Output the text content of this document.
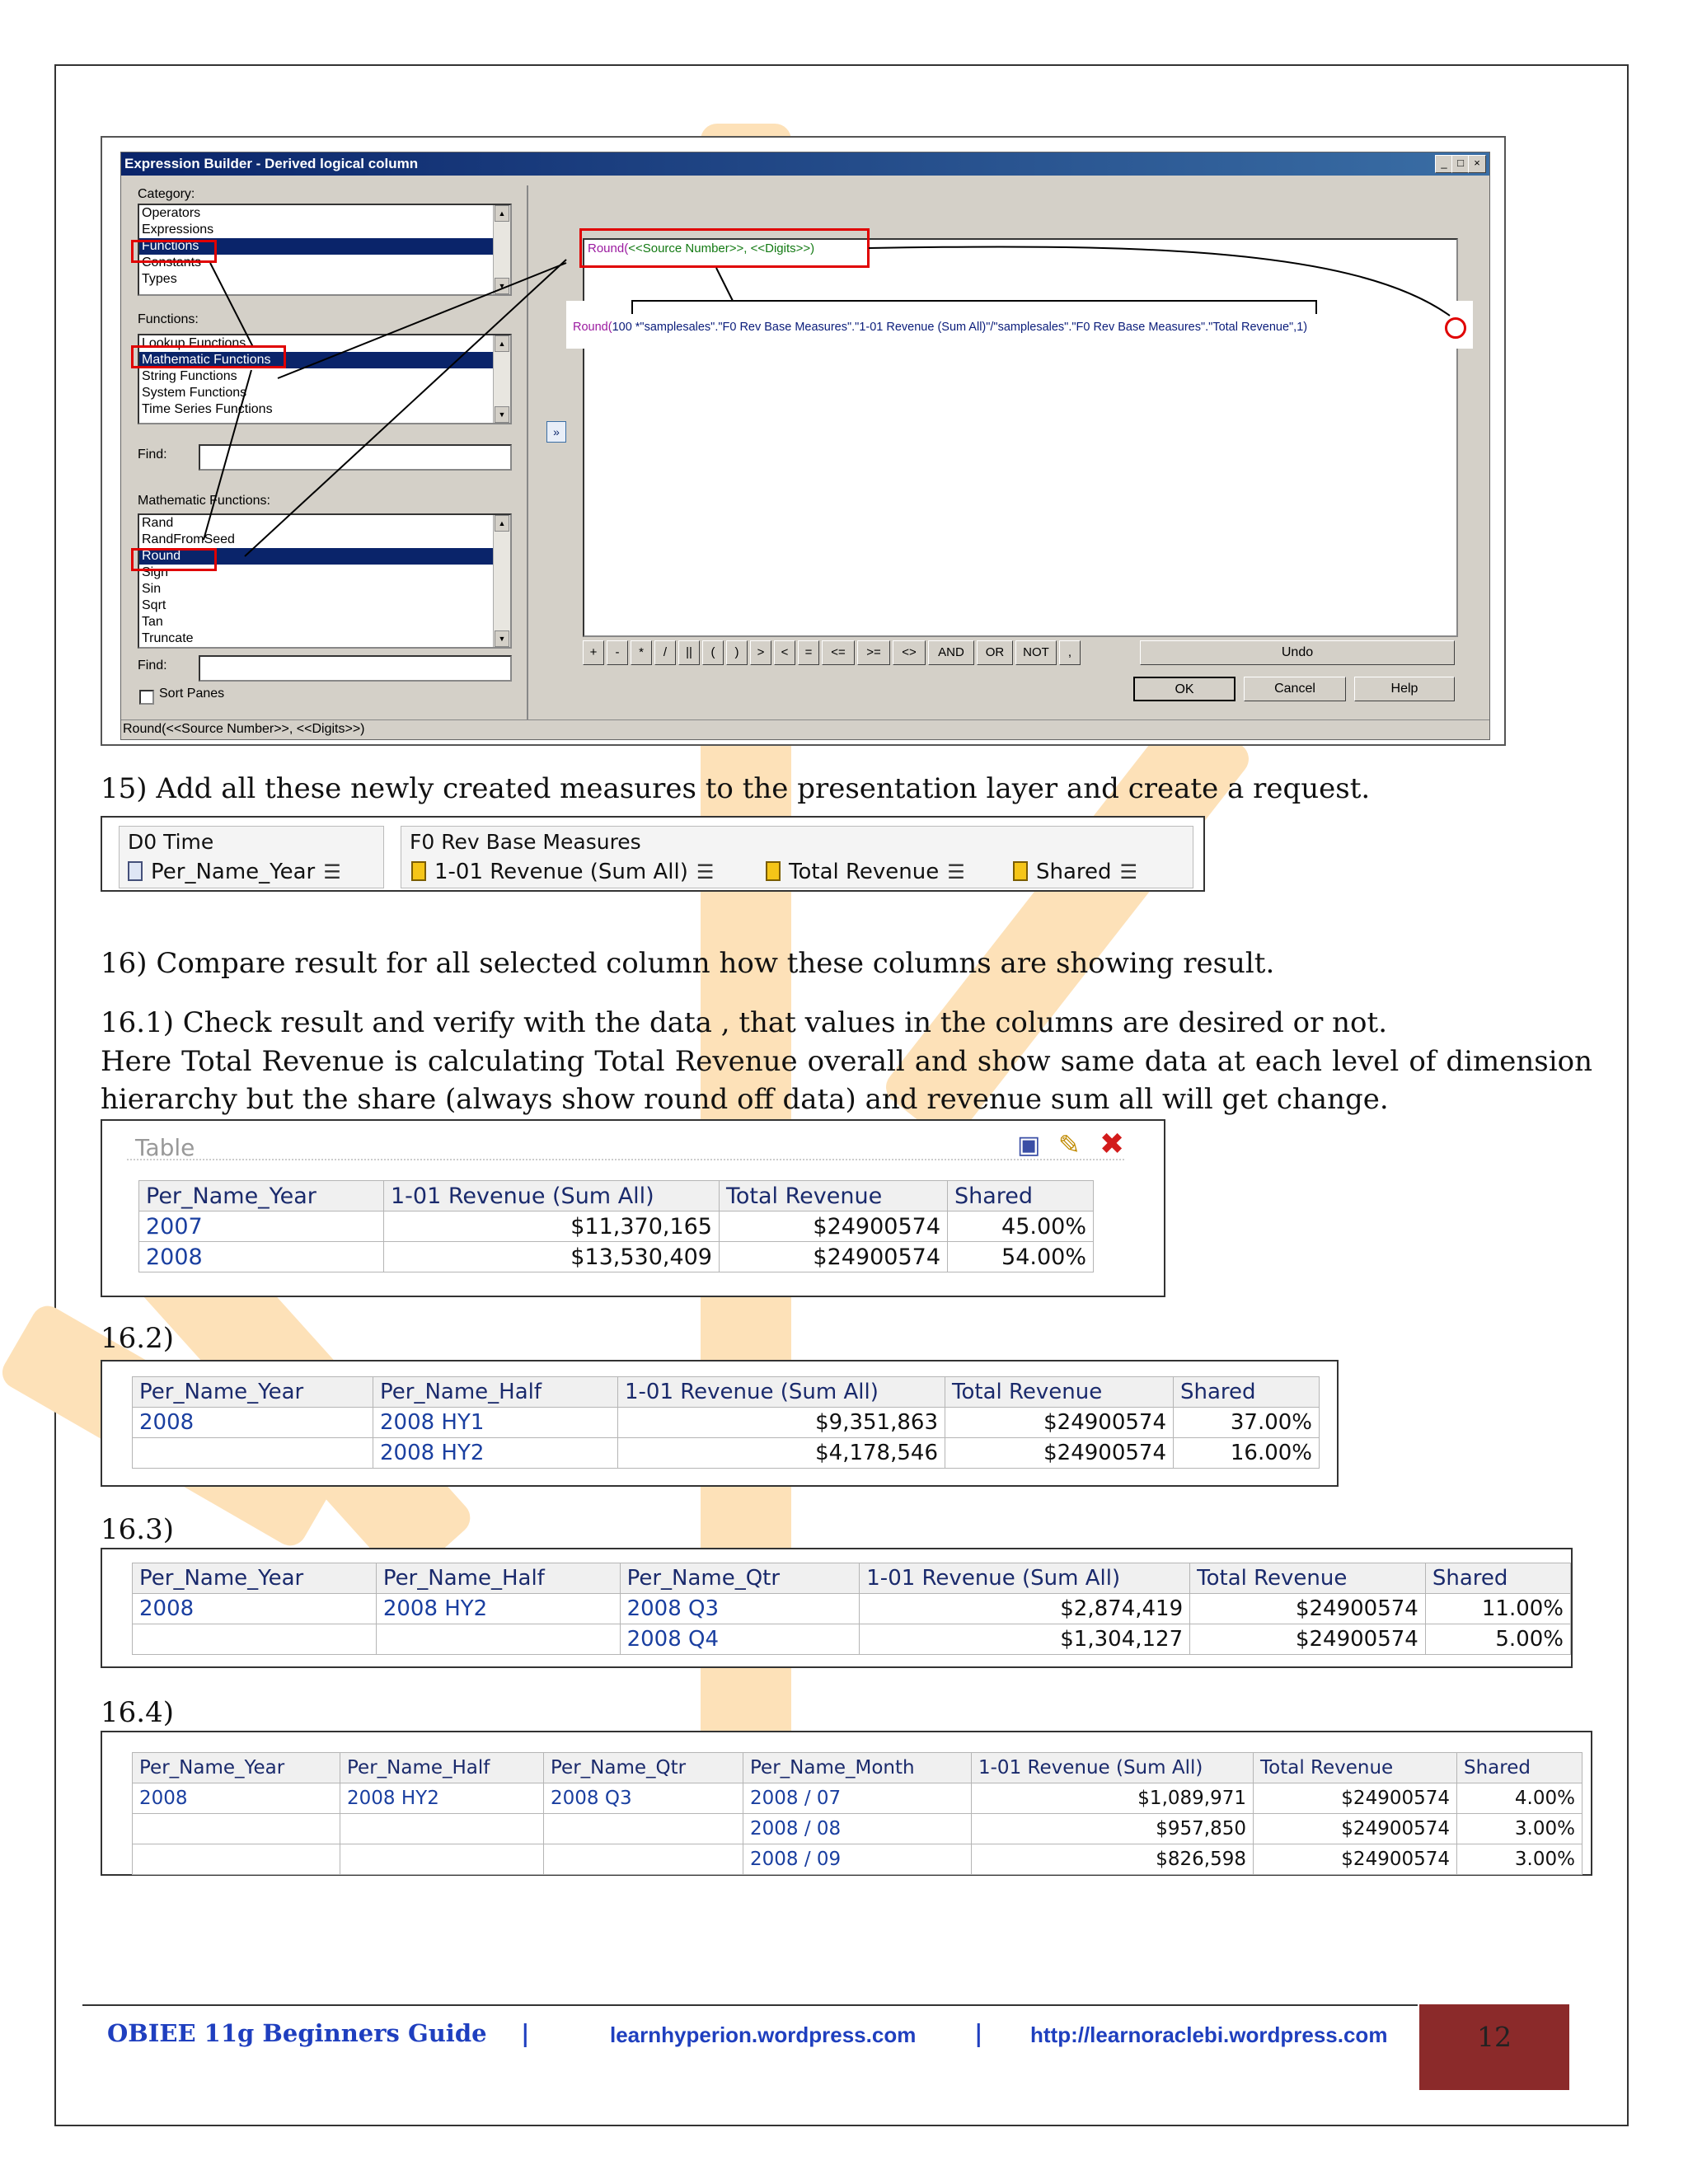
Expression Builder - Derived logical column	_ □ ×
Category:
Operators
Expressions
Functions
Constants
Types
▲
▼
Functions:
Lookup Functions
Mathematic Functions
String Functions
System Functions
Time Series Functions
▲
▼
Find:
Mathematic Functions:
Rand
RandFromSeed
Round
Sign
Sin
Sqrt
Tan
Truncate
▲
▼
Find:
Sort Panes
»
Round(<<Source Number>>, <<Digits>>)
Round(100 *"samplesales"."F0 Rev Base Measures"."1-01 Revenue (Sum All)"/"samplesales"."F0 Rev Base Measures"."Total Revenue",1)
+	-	*	/	||	(	)	>	<	=	<=	>=	<>	AND	OR	NOT	,	Undo
OK	Cancel	Help
Round(<<Source Number>>, <<Digits>>)
15) Add all these newly created measures to the presentation layer and create a request.
D0 Time
Per_Name_Year ☰
F0 Rev Base Measures
1-01 Revenue (Sum All) ☰	Total Revenue ☰	Shared ☰
16) Compare result for all selected column how these columns are showing result.
16.1) Check result and verify with the data , that values in the columns are desired or not.
Here Total Revenue is calculating Total Revenue overall and show same data at each level of dimension hierarchy but the share (always show round off data) and revenue sum all will get change.
Table	▣ ✎ ✖
Per_Name_Year	1-01 Revenue (Sum All)	Total Revenue	Shared
2007	$11,370,165	$24900574	45.00%
2008	$13,530,409	$24900574	54.00%
16.2)
Per_Name_Year	Per_Name_Half	1-01 Revenue (Sum All)	Total Revenue	Shared
2008	2008 HY1	$9,351,863	$24900574	37.00%
	2008 HY2	$4,178,546	$24900574	16.00%
16.3)
Per_Name_Year	Per_Name_Half	Per_Name_Qtr	1-01 Revenue (Sum All)	Total Revenue	Shared
2008	2008 HY2	2008 Q3	$2,874,419	$24900574	11.00%
		2008 Q4	$1,304,127	$24900574	5.00%
16.4)
Per_Name_Year	Per_Name_Half	Per_Name_Qtr	Per_Name_Month	1-01 Revenue (Sum All)	Total Revenue	Shared
2008	2008 HY2	2008 Q3	2008 / 07	$1,089,971	$24900574	4.00%
			2008 / 08	$957,850	$24900574	3.00%
			2008 / 09	$826,598	$24900574	3.00%
OBIEE 11g Beginners Guide |	learnhyperion.wordpress.com | http://learnoraclebi.wordpress.com	12
